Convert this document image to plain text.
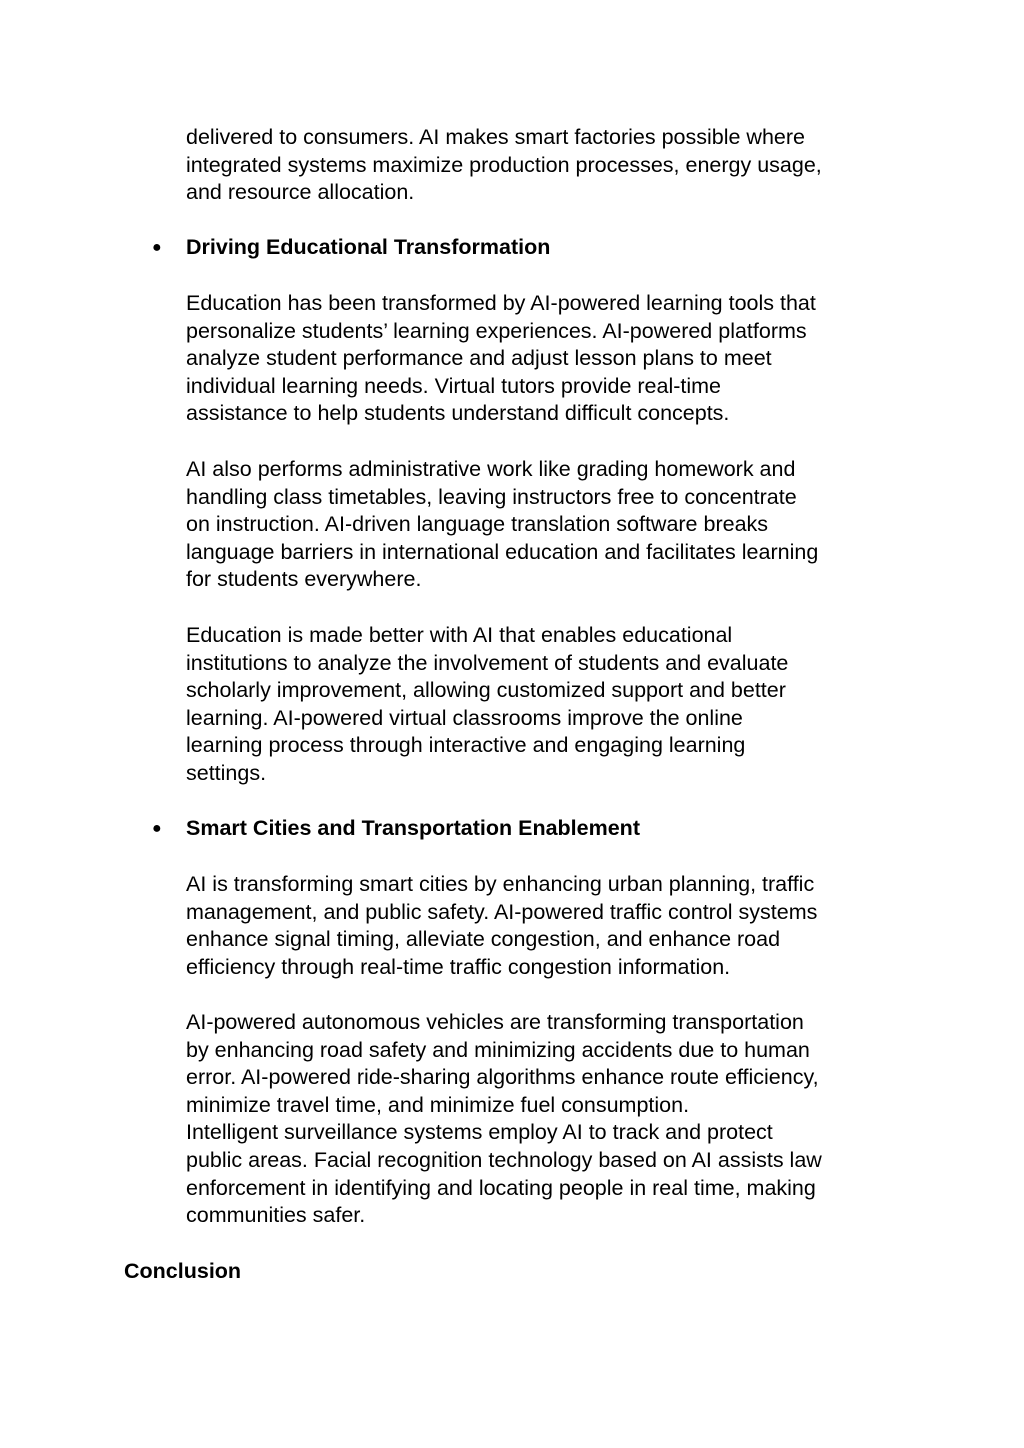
delivered to consumers. AI makes smart factories possible where
integrated systems maximize production processes, energy usage,
and resource allocation.

● Driving Educational Transformation

Education has been transformed by AI-powered learning tools that
personalize students’ learning experiences. AI-powered platforms
analyze student performance and adjust lesson plans to meet
individual learning needs. Virtual tutors provide real-time
assistance to help students understand difficult concepts.

AI also performs administrative work like grading homework and
handling class timetables, leaving instructors free to concentrate
on instruction. AI-driven language translation software breaks
language barriers in international education and facilitates learning
for students everywhere.

Education is made better with AI that enables educational
institutions to analyze the involvement of students and evaluate
scholarly improvement, allowing customized support and better
learning. AI-powered virtual classrooms improve the online
learning process through interactive and engaging learning
settings.

● Smart Cities and Transportation Enablement

AI is transforming smart cities by enhancing urban planning, traffic
management, and public safety. AI-powered traffic control systems
enhance signal timing, alleviate congestion, and enhance road
efficiency through real-time traffic congestion information.

AI-powered autonomous vehicles are transforming transportation
by enhancing road safety and minimizing accidents due to human
error. AI-powered ride-sharing algorithms enhance route efficiency,
minimize travel time, and minimize fuel consumption.
Intelligent surveillance systems employ AI to track and protect
public areas. Facial recognition technology based on AI assists law
enforcement in identifying and locating people in real time, making
communities safer.

Conclusion
